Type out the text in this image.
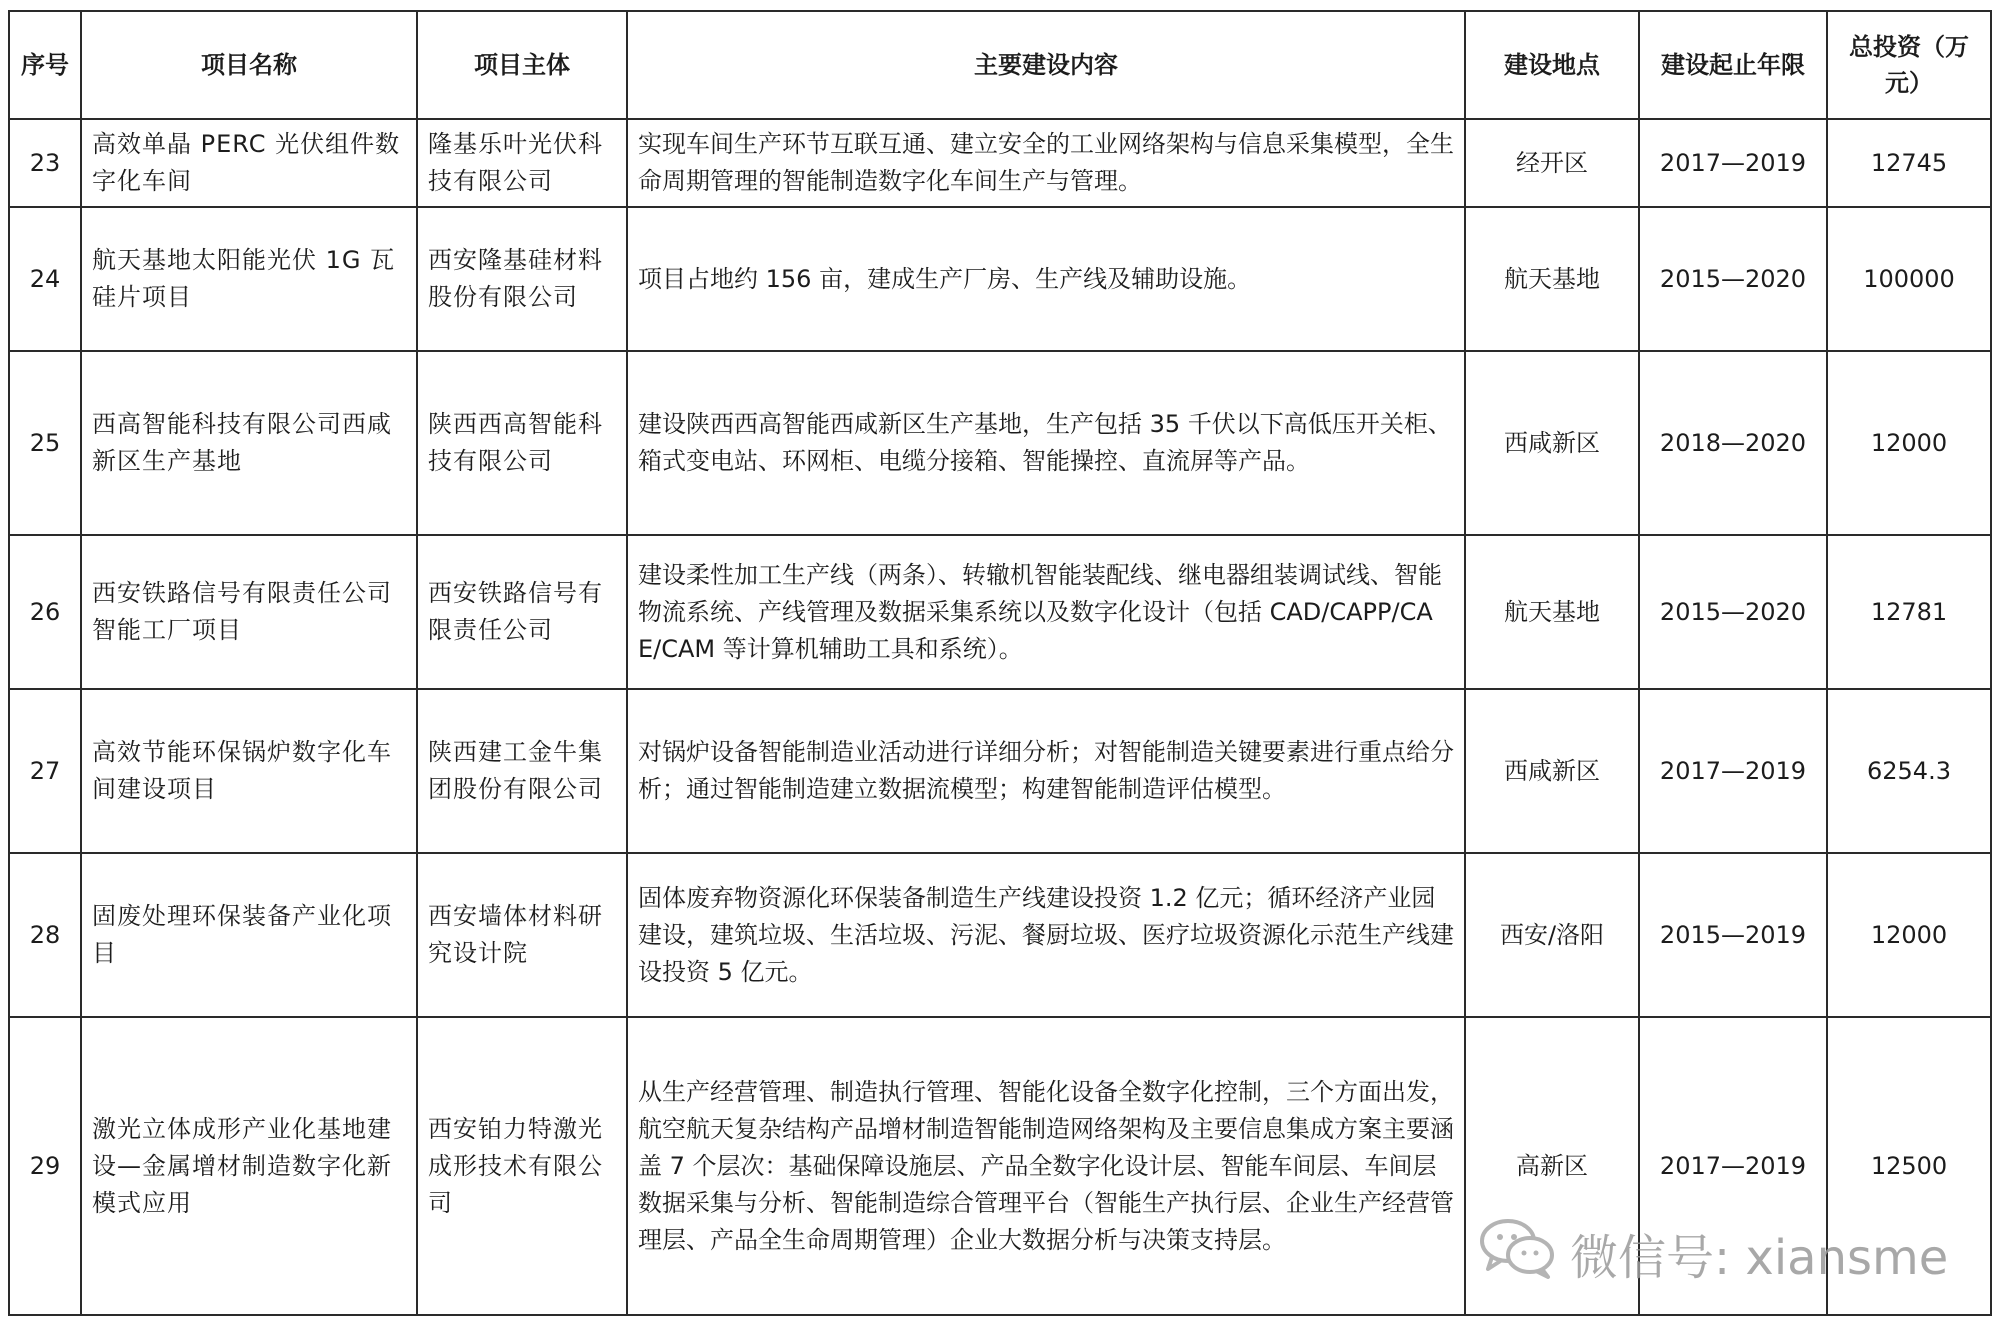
序号	项目名称	项目主体	主要建设内容	建设地点	建设起止年限	总投资（万元）
23	高效单晶 PERC 光伏组件数字化车间	隆基乐叶光伏科技有限公司	实现车间生产环节互联互通、建立安全的工业网络架构与信息采集模型，全生命周期管理的智能制造数字化车间生产与管理。	经开区	2017—2019	12745
24	航天基地太阳能光伏 1G 瓦硅片项目	西安隆基硅材料股份有限公司	项目占地约 156 亩，建成生产厂房、生产线及辅助设施。	航天基地	2015—2020	100000
25	西高智能科技有限公司西咸新区生产基地	陕西西高智能科技有限公司	建设陕西西高智能西咸新区生产基地，生产包括 35 千伏以下高低压开关柜、箱式变电站、环网柜、电缆分接箱、智能操控、直流屏等产品。	西咸新区	2018—2020	12000
26	西安铁路信号有限责任公司智能工厂项目	西安铁路信号有限责任公司	建设柔性加工生产线（两条）、转辙机智能装配线、继电器组装调试线、智能物流系统、产线管理及数据采集系统以及数字化设计（包括 CAD/CAPP/CAE/CAM 等计算机辅助工具和系统）。	航天基地	2015—2020	12781
27	高效节能环保锅炉数字化车间建设项目	陕西建工金牛集团股份有限公司	对锅炉设备智能制造业活动进行详细分析；对智能制造关键要素进行重点给分析；通过智能制造建立数据流模型；构建智能制造评估模型。	西咸新区	2017—2019	6254.3
28	固废处理环保装备产业化项目	西安墙体材料研究设计院	固体废弃物资源化环保装备制造生产线建设投资 1.2 亿元；循环经济产业园建设，建筑垃圾、生活垃圾、污泥、餐厨垃圾、医疗垃圾资源化示范生产线建设投资 5 亿元。	西安/洛阳	2015—2019	12000
29	激光立体成形产业化基地建设—金属增材制造数字化新模式应用	西安铂力特激光成形技术有限公司	从生产经营管理、制造执行管理、智能化设备全数字化控制，三个方面出发，航空航天复杂结构产品增材制造智能制造网络架构及主要信息集成方案主要涵盖 7 个层次：基础保障设施层、产品全数字化设计层、智能车间层、车间层数据采集与分析、智能制造综合管理平台（智能生产执行层、企业生产经营管理层、产品全生命周期管理）企业大数据分析与决策支持层。	高新区	2017—2019	12500
微信号: xiansme
